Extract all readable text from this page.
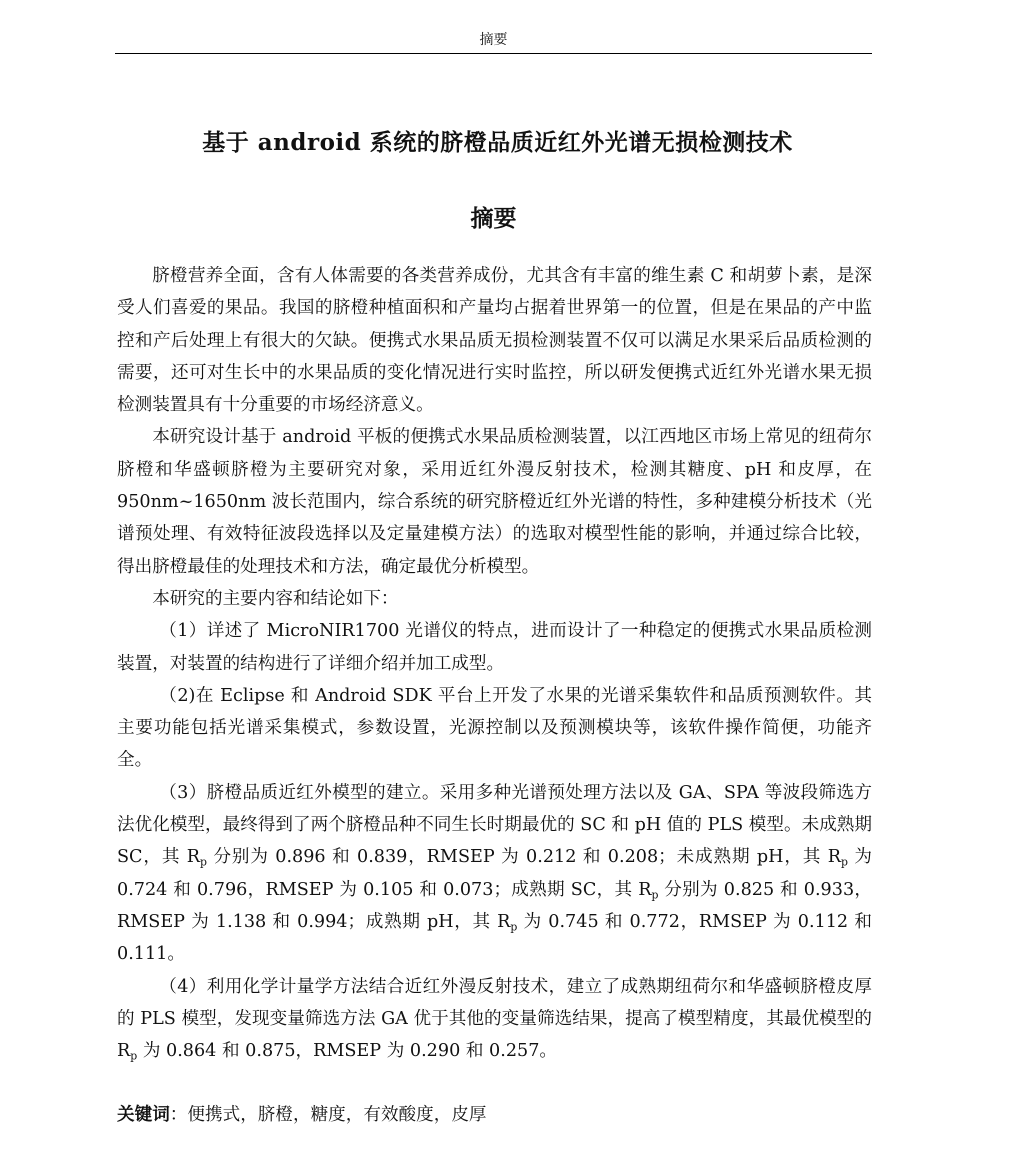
摘要
基于 android 系统的脐橙品质近红外光谱无损检测技术
摘要

脐橙营养全面，含有人体需要的各类营养成份，尤其含有丰富的维生素 C 和胡萝卜素，是深受人们喜爱的果品。我国的脐橙种植面积和产量均占据着世界第一的位置，但是在果品的产中监控和产后处理上有很大的欠缺。便携式水果品质无损检测装置不仅可以满足水果采后品质检测的需要，还可对生长中的水果品质的变化情况进行实时监控，所以研发便携式近红外光谱水果无损检测装置具有十分重要的市场经济意义。

本研究设计基于 android 平板的便携式水果品质检测装置，以江西地区市场上常见的纽荷尔脐橙和华盛顿脐橙为主要研究对象，采用近红外漫反射技术，检测其糖度、pH 和皮厚，在 950nm~1650nm 波长范围内，综合系统的研究脐橙近红外光谱的特性，多种建模分析技术（光谱预处理、有效特征波段选择以及定量建模方法）的选取对模型性能的影响，并通过综合比较，得出脐橙最佳的处理技术和方法，确定最优分析模型。

本研究的主要内容和结论如下：

（1）详述了 MicroNIR1700 光谱仪的特点，进而设计了一种稳定的便携式水果品质检测装置，对装置的结构进行了详细介绍并加工成型。

（2)在 Eclipse 和 Android SDK 平台上开发了水果的光谱采集软件和品质预测软件。其主要功能包括光谱采集模式，参数设置，光源控制以及预测模块等，该软件操作简便，功能齐全。

（3）脐橙品质近红外模型的建立。采用多种光谱预处理方法以及 GA、SPA 等波段筛选方法优化模型，最终得到了两个脐橙品种不同生长时期最优的 SC 和 pH 值的 PLS 模型。未成熟期 SC，其 $R_p$ 分别为 0.896 和 0.839，RMSEP 为 0.212 和 0.208；未成熟期 pH，其 $R_p$ 为 0.724 和 0.796，RMSEP 为 0.105 和 0.073；成熟期 SC，其 $R_p$ 分别为 0.825 和 0.933，RMSEP 为 1.138 和 0.994；成熟期 pH，其 $R_p$ 为 0.745 和 0.772，RMSEP 为 0.112 和 0.111。

（4）利用化学计量学方法结合近红外漫反射技术，建立了成熟期纽荷尔和华盛顿脐橙皮厚的 PLS 模型，发现变量筛选方法 GA 优于其他的变量筛选结果，提高了模型精度，其最优模型的 $R_p$ 为 0.864 和 0.875，RMSEP 为 0.290 和 0.257。

关键词：便携式，脐橙，糖度，有效酸度，皮厚
